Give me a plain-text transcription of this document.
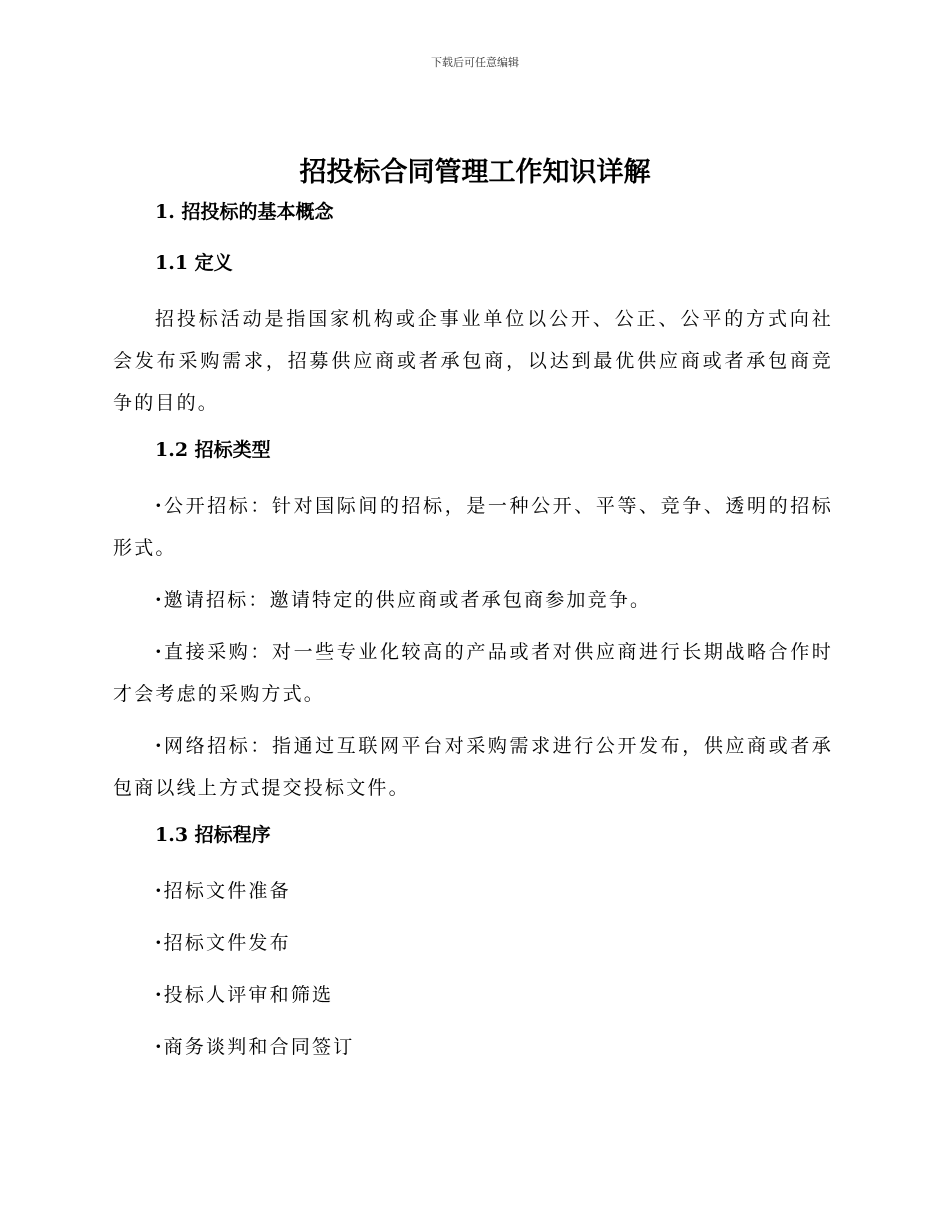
下载后可任意编辑
招投标合同管理工作知识详解

1. 招投标的基本概念

1.1 定义

招投标活动是指国家机构或企事业单位以公开、公正、公平的方式向社会发布采购需求，招募供应商或者承包商，以达到最优供应商或者承包商竞争的目的。

1.2 招标类型

· 公开招标：针对国际间的招标，是一种公开、平等、竞争、透明的招标形式。

· 邀请招标：邀请特定的供应商或者承包商参加竞争。

· 直接采购：对一些专业化较高的产品或者对供应商进行长期战略合作时才会考虑的采购方式。

· 网络招标：指通过互联网平台对采购需求进行公开发布，供应商或者承包商以线上方式提交投标文件。

1.3 招标程序

· 招标文件准备

· 招标文件发布

· 投标人评审和筛选

· 商务谈判和合同签订
